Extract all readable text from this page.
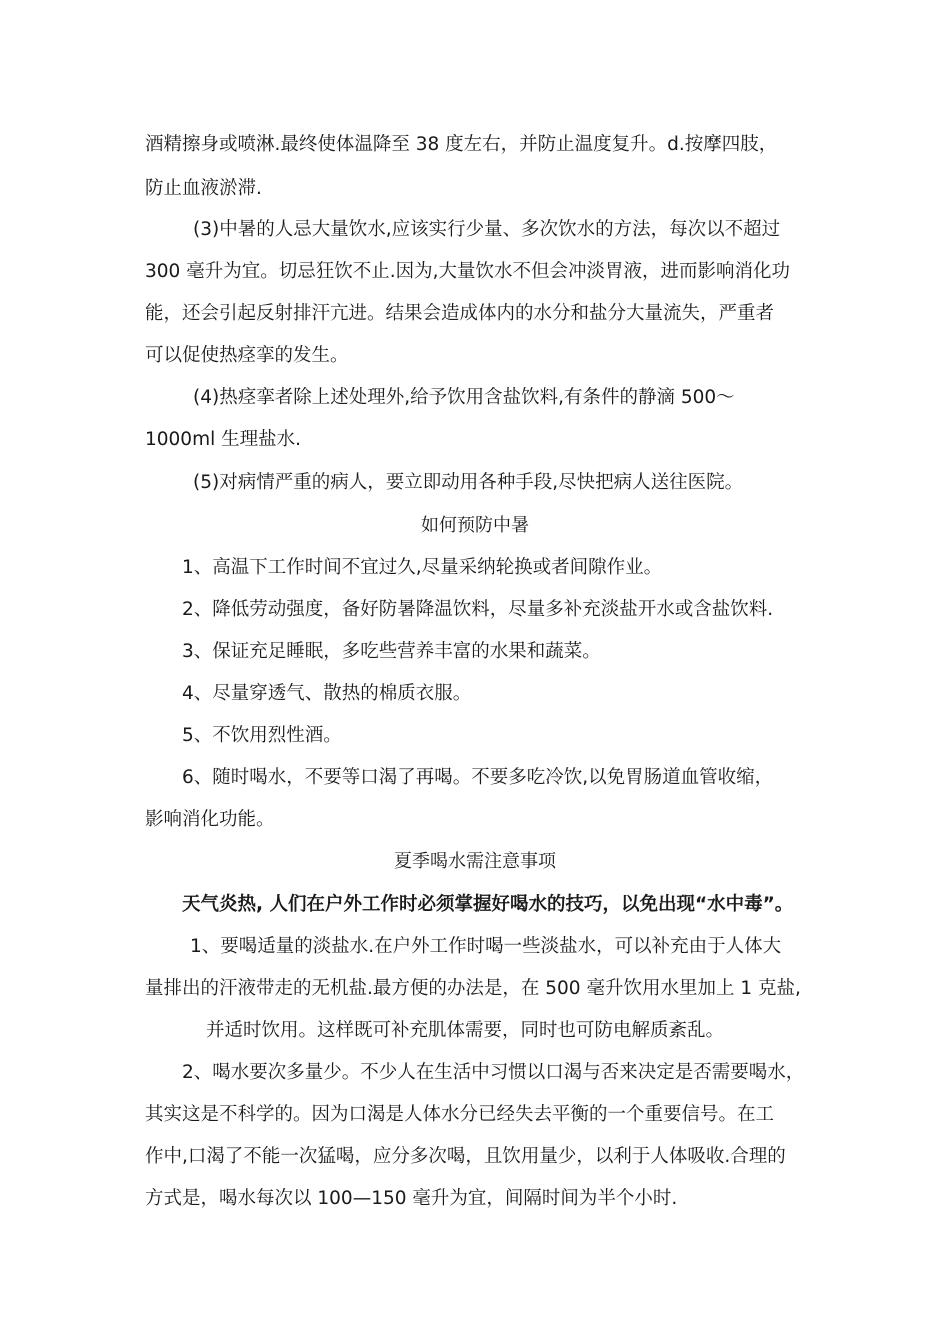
酒精擦身或喷淋.最终使体温降至 38 度左右，并防止温度复升。d.按摩四肢，
防止血液淤滞.
(3)中暑的人忌大量饮水,应该实行少量、多次饮水的方法，每次以不超过
300 毫升为宜。切忌狂饮不止.因为,大量饮水不但会冲淡胃液，进而影响消化功
能，还会引起反射排汗亢进。结果会造成体内的水分和盐分大量流失，严重者
可以促使热痉挛的发生。
(4)热痉挛者除上述处理外,给予饮用含盐饮料,有条件的静滴 500～
1000ml 生理盐水.
(5)对病情严重的病人，要立即动用各种手段,尽快把病人送往医院。
如何预防中暑
1、高温下工作时间不宜过久,尽量采纳轮换或者间隙作业。
2、降低劳动强度，备好防暑降温饮料，尽量多补充淡盐开水或含盐饮料.
3、保证充足睡眠，多吃些营养丰富的水果和蔬菜。
4、尽量穿透气、散热的棉质衣服。
5、不饮用烈性酒。
6、随时喝水，不要等口渴了再喝。不要多吃冷饮,以免胃肠道血管收缩，
影响消化功能。
夏季喝水需注意事项
天气炎热, 人们在户外工作时必须掌握好喝水的技巧，以免出现“水中毒”。
1、要喝适量的淡盐水.在户外工作时喝一些淡盐水，可以补充由于人体大
量排出的汗液带走的无机盐.最方便的办法是，在 500 毫升饮用水里加上 1 克盐,
并适时饮用。这样既可补充肌体需要，同时也可防电解质紊乱。
2、喝水要次多量少。不少人在生活中习惯以口渴与否来决定是否需要喝水，
其实这是不科学的。因为口渴是人体水分已经失去平衡的一个重要信号。在工
作中,口渴了不能一次猛喝，应分多次喝，且饮用量少，以利于人体吸收.合理的
方式是，喝水每次以 100—150 毫升为宜，间隔时间为半个小时.
